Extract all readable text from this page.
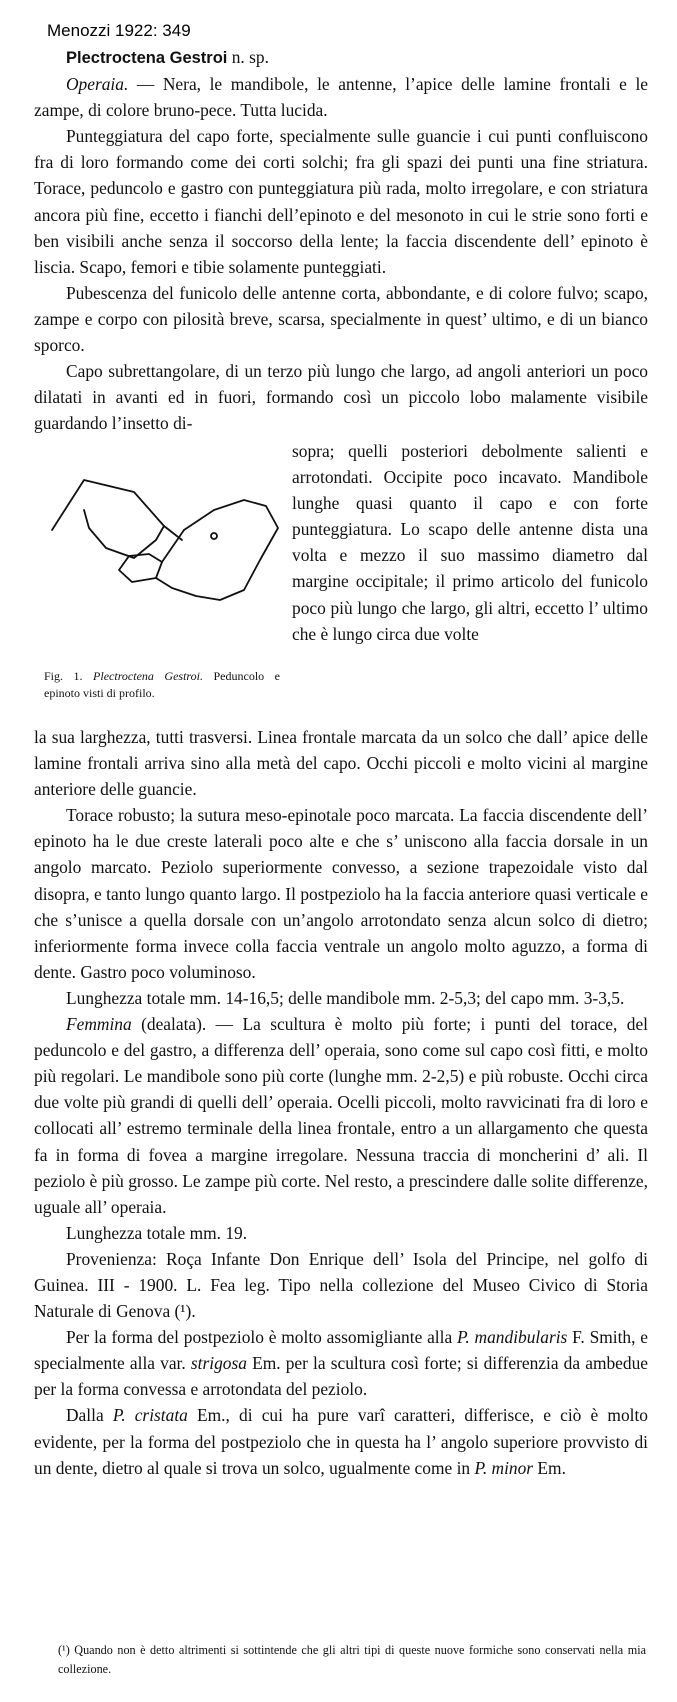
Menozzi 1922: 349

Plectroctena Gestroi n. sp.

Operaia. — Nera, le mandibole, le antenne, l’apice delle lamine frontali e le zampe, di colore bruno-pece. Tutta lucida.

Punteggiatura del capo forte, specialmente sulle guancie i cui punti confluiscono fra di loro formando come dei corti solchi; fra gli spazi dei punti una fine striatura. Torace, peduncolo e gastro con punteggiatura più rada, molto irregolare, e con striatura ancora più fine, eccetto i fianchi dell’epinoto e del mesonoto in cui le strie sono forti e ben visibili anche senza il soccorso della lente; la faccia discendente dell’ epinoto è liscia. Scapo, femori e tibie solamente punteggiati.

Pubescenza del funicolo delle antenne corta, abbondante, e di colore fulvo; scapo, zampe e corpo con pilosità breve, scarsa, specialmente in quest’ ultimo, e di un bianco sporco.

Capo subrettangolare, di un terzo più lungo che largo, ad angoli anteriori un poco dilatati in avanti ed in fuori, formando così un piccolo lobo malamente visibile guardando l’insetto di-

Fig. 1. Plectroctena Gestroi. Peduncolo e epinoto visti di profilo.

sopra; quelli posteriori debolmente salienti e arrotondati. Occipite poco incavato. Mandibole lunghe quasi quanto il capo e con forte punteggiatura. Lo scapo delle antenne dista una volta e mezzo il suo massimo diametro dal margine occipitale; il primo articolo del funicolo poco più lungo che largo, gli altri, eccetto l’ ultimo che è lungo circa due volte

la sua larghezza, tutti trasversi. Linea frontale marcata da un solco che dall’ apice delle lamine frontali arriva sino alla metà del capo. Occhi piccoli e molto vicini al margine anteriore delle guancie.

Torace robusto; la sutura meso-epinotale poco marcata. La faccia discendente dell’ epinoto ha le due creste laterali poco alte e che s’ uniscono alla faccia dorsale in un angolo marcato. Peziolo superiormente convesso, a sezione trapezoidale visto dal disopra, e tanto lungo quanto largo. Il postpeziolo ha la faccia anteriore quasi verticale e che s’unisce a quella dorsale con un’angolo arrotondato senza alcun solco di dietro; inferiormente forma invece colla faccia ventrale un angolo molto aguzzo, a forma di dente. Gastro poco voluminoso.

Lunghezza totale mm. 14-16,5; delle mandibole mm. 2-5,3; del capo mm. 3-3,5.

Femmina (dealata). — La scultura è molto più forte; i punti del torace, del peduncolo e del gastro, a differenza dell’ operaia, sono come sul capo così fitti, e molto più regolari. Le mandibole sono più corte (lunghe mm. 2-2,5) e più robuste. Occhi circa due volte più grandi di quelli dell’ operaia. Ocelli piccoli, molto ravvicinati fra di loro e collocati all’ estremo terminale della linea frontale, entro a un allargamento che questa fa in forma di fovea a margine irregolare. Nessuna traccia di moncherini d’ ali. Il peziolo è più grosso. Le zampe più corte. Nel resto, a prescindere dalle solite differenze, uguale all’ operaia.

Lunghezza totale mm. 19.

Provenienza: Roça Infante Don Enrique dell’ Isola del Principe, nel golfo di Guinea. III - 1900. L. Fea leg. Tipo nella collezione del Museo Civico di Storia Naturale di Genova (¹).

Per la forma del postpeziolo è molto assomigliante alla P. mandibularis F. Smith, e specialmente alla var. strigosa Em. per la scultura così forte; si differenzia da ambedue per la forma convessa e arrotondata del peziolo.

Dalla P. cristata Em., di cui ha pure varî caratteri, differisce, e ciò è molto evidente, per la forma del postpeziolo che in questa ha l’ angolo superiore provvisto di un dente, dietro al quale si trova un solco, ugualmente come in P. minor Em.

(¹) Quando non è detto altrimenti si sottintende che gli altri tipi di queste nuove formiche sono conservati nella mia collezione.
